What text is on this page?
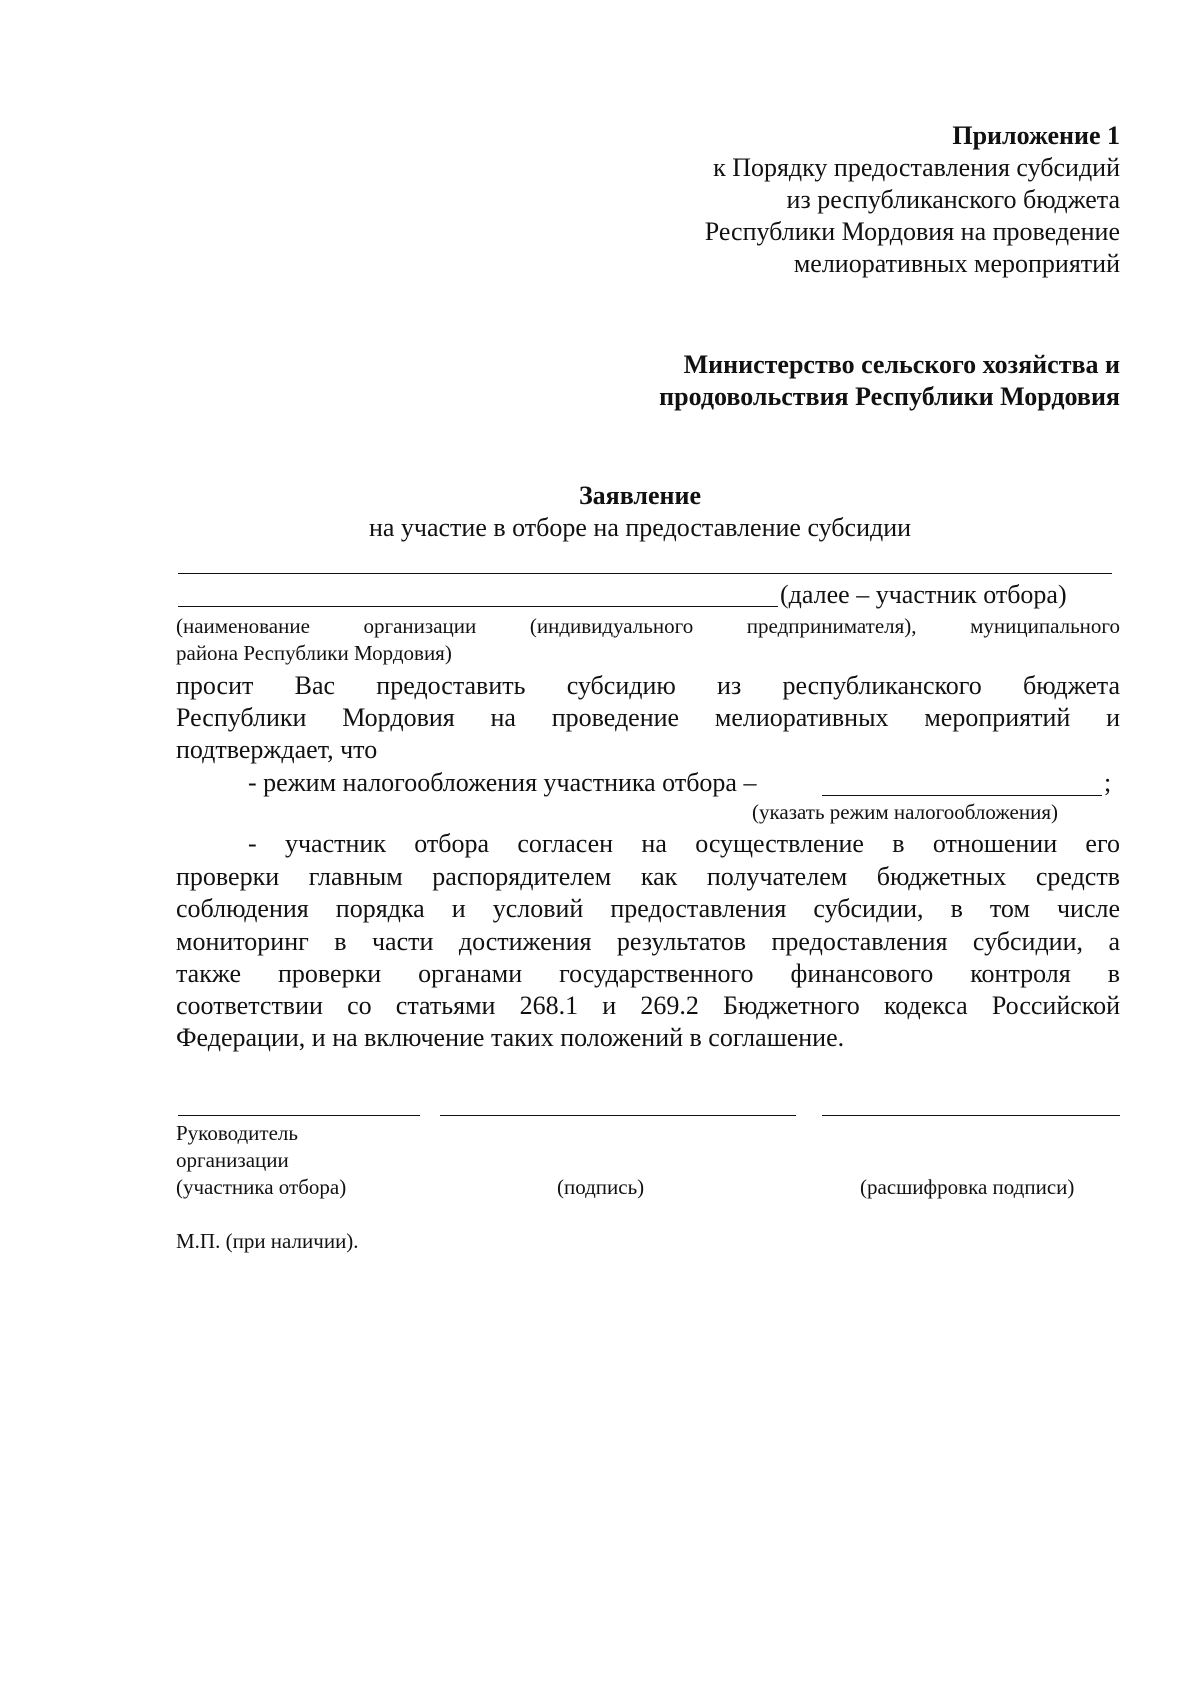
Приложение 1
к Порядку предоставления субсидий
из республиканского бюджета
Республики Мордовия на проведение
мелиоративных мероприятий
Министерство сельского хозяйства и
продовольствия Республики Мордовия
Заявление
на участие в отборе на предоставление субсидии
(далее – участник отбора)
(наименование	организации	(индивидуального	предпринимателя),	муниципального
района Республики Мордовия)
просит Вас предоставить субсидию из республиканского бюджета
Республики Мордовия на проведение мелиоративных мероприятий и
подтверждает, что
- режим налогообложения участника отбора –	;
(указать режим налогообложения)
- участник отбора согласен на осуществление в отношении его
проверки главным распорядителем как получателем бюджетных средств
соблюдения порядка и условий предоставления субсидии, в том числе
мониторинг в части достижения результатов предоставления субсидии, а
также проверки органами государственного финансового контроля в
соответствии со статьями 268.1 и 269.2 Бюджетного кодекса Российской
Федерации, и на включение таких положений в соглашение.
Руководитель
организации
(участника отбора)	(подпись)	(расшифровка подписи)
М.П. (при наличии).
